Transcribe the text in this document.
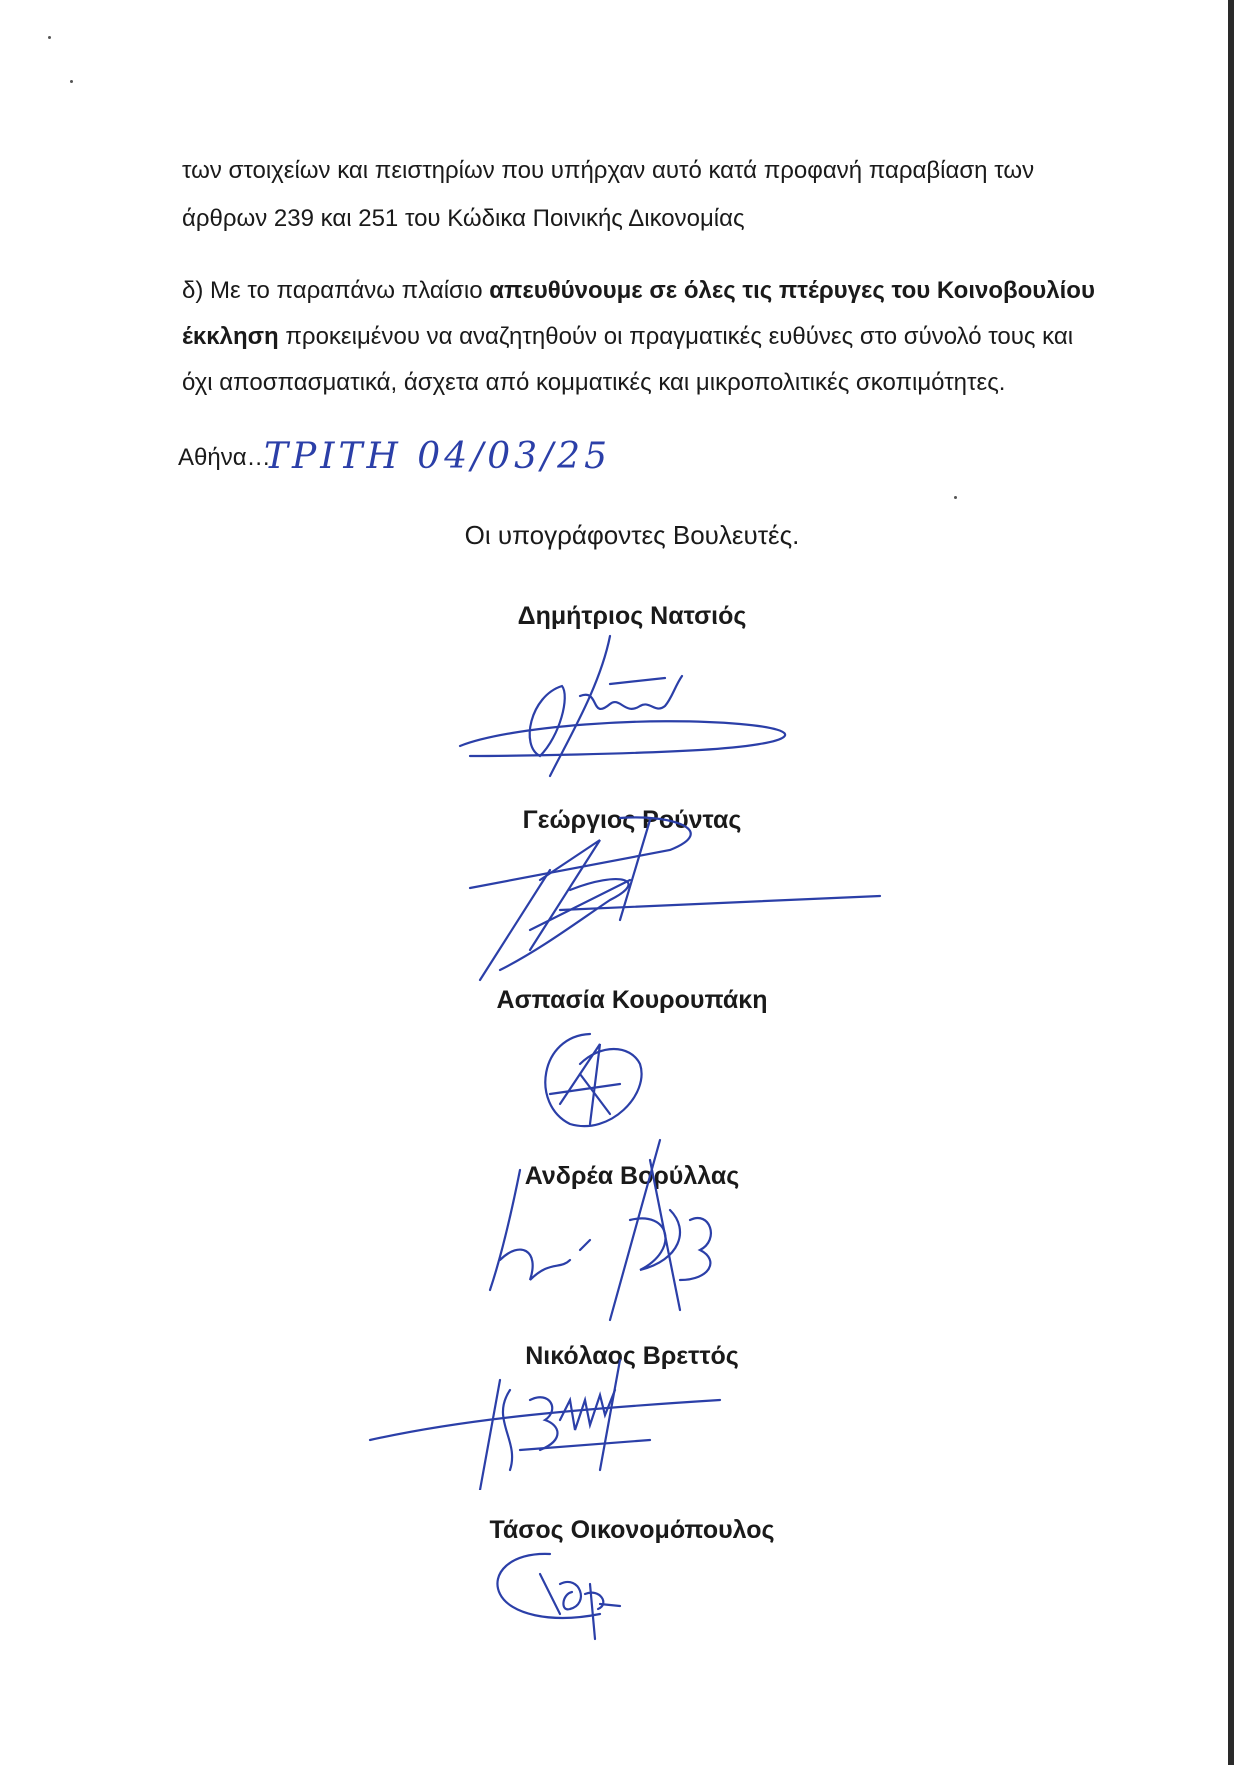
των στοιχείων και πειστηρίων που υπήρχαν αυτό κατά προφανή παραβίαση των

άρθρων 239 και 251 του Κώδικα Ποινικής Δικονομίας

δ) Με το παραπάνω πλαίσιο απευθύνουμε σε όλες τις πτέρυγες του Κοινοβουλίου

έκκληση προκειμένου να αναζητηθούν οι πραγματικές ευθύνες στο σύνολό τους και

όχι αποσπασματικά, άσχετα από κομματικές και μικροπολιτικές σκοπιμότητες.

Αθήνα…
ΤΡΙΤΗ 04/03/25
Οι υπογράφοντες Βουλευτές.
Δημήτριος Νατσιός
Γεώργιος Ρούντας
Ασπασία Κουρουπάκη
Ανδρέα Βορύλλας
Νικόλαος Βρεττός
Τάσος Οικονομόπουλος
